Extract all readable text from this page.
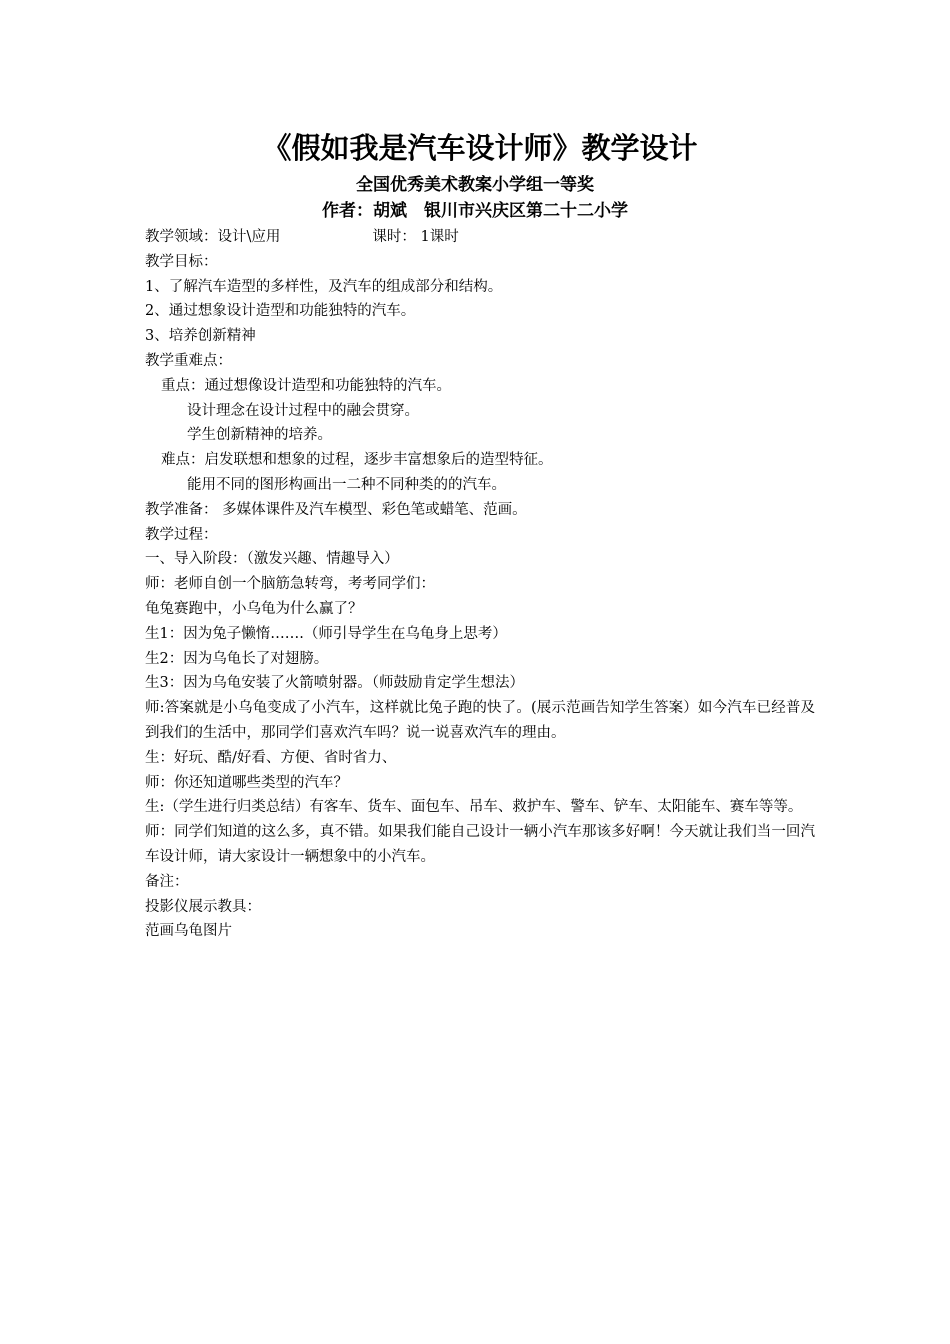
《假如我是汽车设计师》教学设计
全国优秀美术教案小学组一等奖
作者：胡斌　银川市兴庆区第二十二小学
教学领域：设计\应用	课时： 1课时
教学目标：
1、了解汽车造型的多样性，及汽车的组成部分和结构。
2、通过想象设计造型和功能独特的汽车。
3、培养创新精神
教学重难点：
重点：通过想像设计造型和功能独特的汽车。
设计理念在设计过程中的融会贯穿。
学生创新精神的培养。
难点：启发联想和想象的过程，逐步丰富想象后的造型特征。
能用不同的图形构画出一二种不同种类的的汽车。
教学准备： 多媒体课件及汽车模型、彩色笔或蜡笔、范画。
教学过程：
一、导入阶段：（激发兴趣、情趣导入）
师：老师自创一个脑筋急转弯，考考同学们：
龟兔赛跑中，小乌龟为什么赢了？
生1：因为兔子懒惰…….（师引导学生在乌龟身上思考）
生2：因为乌龟长了对翅膀。
生3：因为乌龟安装了火箭喷射器。（师鼓励肯定学生想法）
师:答案就是小乌龟变成了小汽车，这样就比兔子跑的快了。(展示范画告知学生答案）如今汽车已经普及到我们的生活中，那同学们喜欢汽车吗？说一说喜欢汽车的理由。
生：好玩、酷/好看、方便、省时省力、
师：你还知道哪些类型的汽车？
生:（学生进行归类总结）有客车、货车、面包车、吊车、救护车、警车、铲车、太阳能车、赛车等等。
师：同学们知道的这么多，真不错。如果我们能自己设计一辆小汽车那该多好啊！今天就让我们当一回汽车设计师，请大家设计一辆想象中的小汽车。
备注：
投影仪展示教具：
范画乌龟图片
